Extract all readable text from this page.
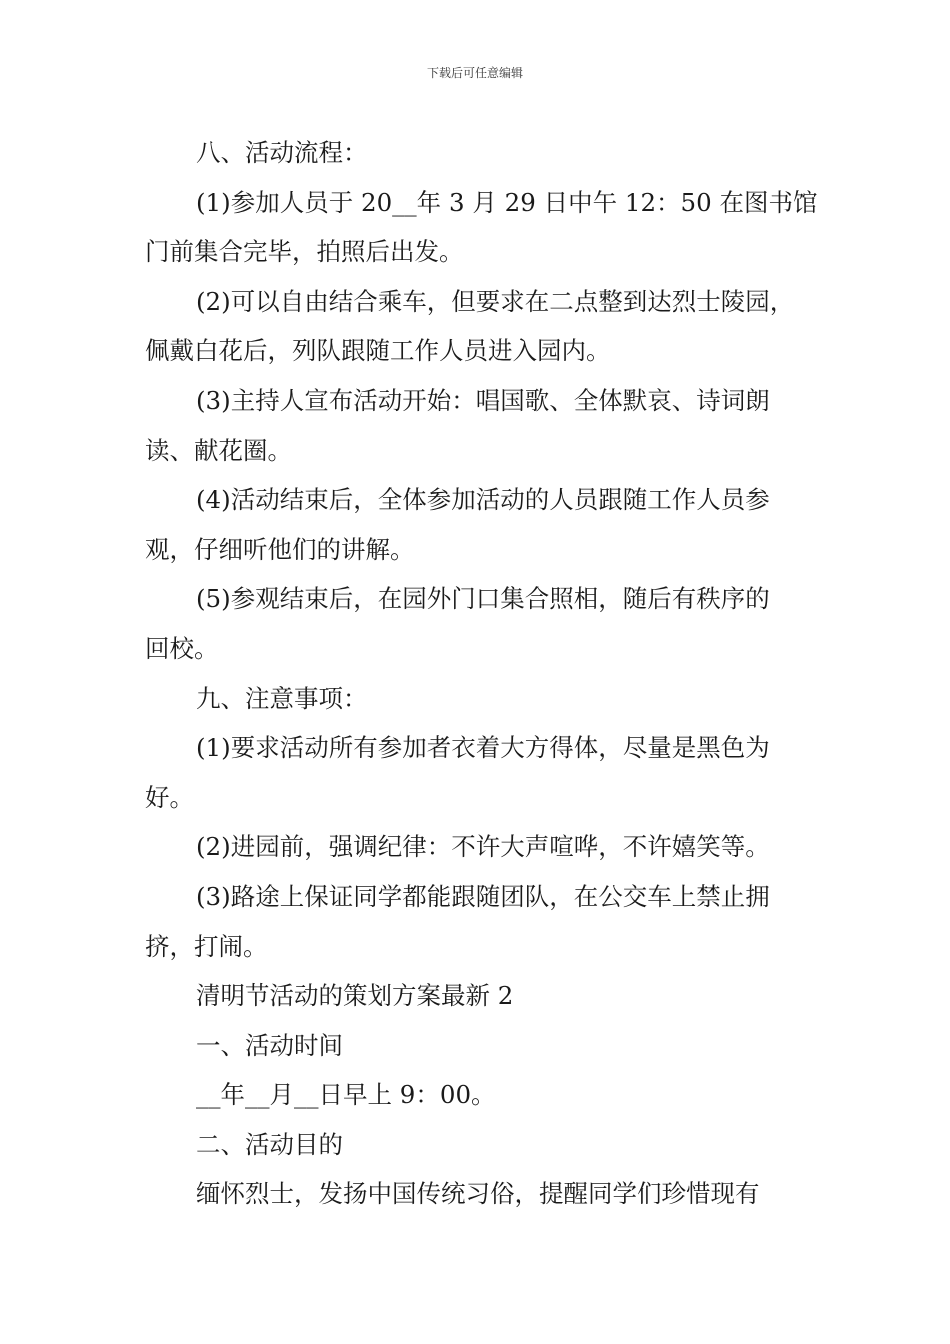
下载后可任意编辑

八、活动流程：

(1)参加人员于 20__年 3 月 29 日中午 12：50 在图书馆

门前集合完毕，拍照后出发。

(2)可以自由结合乘车，但要求在二点整到达烈士陵园，

佩戴白花后，列队跟随工作人员进入园内。

(3)主持人宣布活动开始：唱国歌、全体默哀、诗词朗

读、献花圈。

(4)活动结束后，全体参加活动的人员跟随工作人员参

观，仔细听他们的讲解。

(5)参观结束后，在园外门口集合照相，随后有秩序的

回校。

九、注意事项：

(1)要求活动所有参加者衣着大方得体，尽量是黑色为

好。

(2)进园前，强调纪律：不许大声喧哗，不许嬉笑等。

(3)路途上保证同学都能跟随团队，在公交车上禁止拥

挤，打闹。

清明节活动的策划方案最新 2

一、活动时间

__年__月__日早上 9：00。

二、活动目的

缅怀烈士，发扬中国传统习俗，提醒同学们珍惜现有
